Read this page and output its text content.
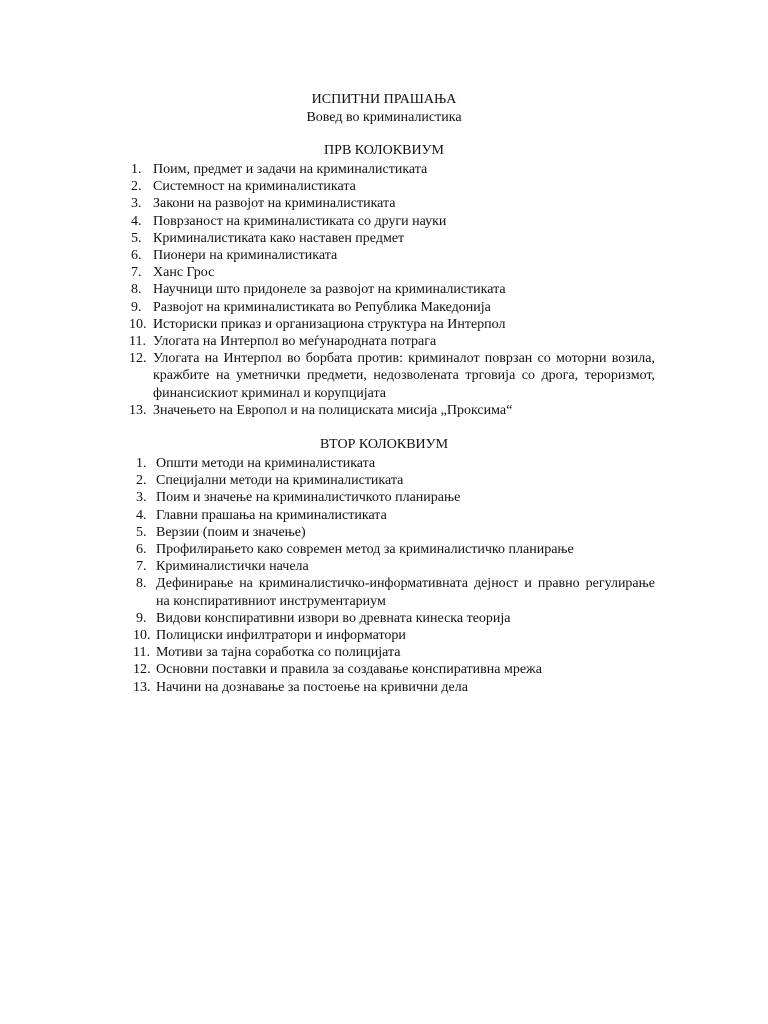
ИСПИТНИ ПРАШАЊА
Вовед во криминалистика
ПРВ КОЛОКВИУМ
1. Поим, предмет и задачи на криминалистиката
2. Системност на криминалистиката
3. Закони на развојот на криминалистиката
4. Поврзаност на криминалистиката со други науки
5. Криминалистиката како наставен предмет
6. Пионери на криминалистиката
7. Ханс Грос
8. Научници што придонеле за развојот на криминалистиката
9. Развојот на криминалистиката во Република Македонија
10. Историски приказ и организациона структура на Интерпол
11. Улогата на Интерпол во меѓународната потрага
12. Улогата на Интерпол во борбата против: криминалот поврзан со моторни возила, кражбите на уметнички предмети, недозволената трговија со дрога, тероризмот, финансискиот криминал и корупцијата
13. Значењето на Европол и на полициската мисија „Проксима“
ВТОР КОЛОКВИУМ
1. Општи методи на криминалистиката
2. Специјални методи на криминалистиката
3. Поим и значење на криминалистичкото планирање
4. Главни прашања на криминалистиката
5. Верзии (поим и значење)
6. Профилирањето како современ метод за криминалистичко планирање
7. Криминалистички начела
8. Дефинирање на криминалистичко-информативната дејност и правно регулирање на конспиративниот инструментариум
9. Видови конспиративни извори во древната кинеска теорија
10. Полициски инфилтратори и информатори
11. Мотиви за тајна соработка со полицијата
12. Основни поставки и правила за создавање конспиративна мрежа
13. Начини на дознавање за постоење на кривични дела
